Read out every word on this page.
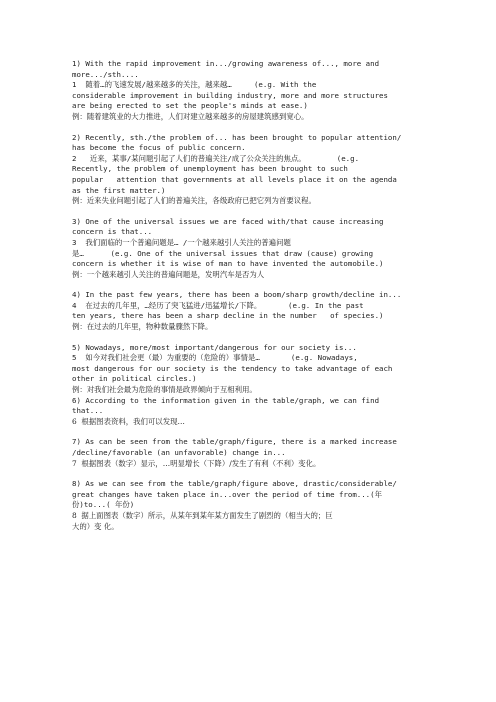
1) With the rapid improvement in.../growing awareness of..., more and
more.../sth....
1  随着…的飞速发展/越来越多的关注，越来越…     (e.g. With the
considerable improvement in building industry, more and more structures
are being erected to set the people's minds at ease.)
例：随着建筑业的大力推进，人们对建立越来越多的房屋建筑感到宽心。
2) Recently, sth./the problem of... has been brought to popular attention/
has become the focus of public concern.
2   近来，某事/某问题引起了人们的普遍关注/成了公众关注的焦点。       (e.g.
Recently, the problem of unemployment has been brought to such
popular   attention that governments at all levels place it on the agenda
as the first matter.)
例：近来失业问题引起了人们的普遍关注，各级政府已把它列为首要议程。
3) One of the universal issues we are faced with/that cause increasing
concern is that...
3  我们面临的一个普遍问题是… /一个越来越引人关注的普遍问题
是…      (e.g. One of the universal issues that draw (cause) growing
concern is whether it is wise of man to have invented the automobile.)
例：一个越来越引人关注的普遍问题是，发明汽车是否为人
4) In the past few years, there has been a boom/sharp growth/decline in...
4  在过去的几年里，…经历了突飞猛进/迅猛增长/下降。      (e.g. In the past
ten years, there has been a sharp decline in the number   of species.)
例：在过去的几年里，物种数量骤然下降。
5) Nowadays, more/most important/dangerous for our society is...
5  如今对我们社会更（最）为重要的（危险的）事情是…       (e.g. Nowadays,
most dangerous for our society is the tendency to take advantage of each
other in political circles.)
例：对我们社会最为危险的事情是政界倾向于互相利用。
6) According to the information given in the table/graph, we can find
that...
6  根据图表资料，我们可以发现…
7) As can be seen from the table/graph/figure, there is a marked increase
/decline/favorable (an unfavorable) change in...
7  根据图表（数字）显示，…明显增长（下降）/发生了有利（不利）变化。
8) As we can see from the table/graph/figure above, drastic/considerable/
great changes have taken place in...over the period of time from...(年
份)to...( 年份)
8  据上面图表（数字）所示，从某年到某年某方面发生了剧烈的（相当大的；巨
大的）变 化。
